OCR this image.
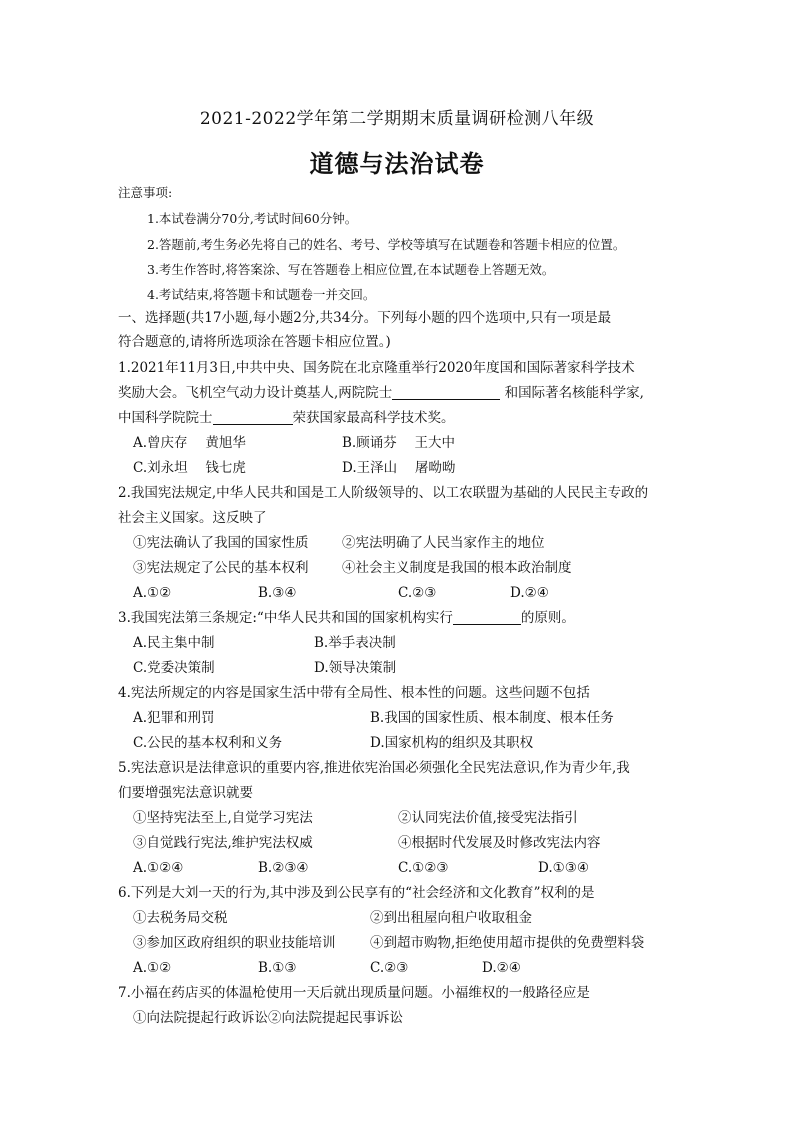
2021-2022学年第二学期期末质量调研检测八年级
道德与法治试卷
注意事项:
1.本试卷满分70分,考试时间60分钟。
2.答题前,考生务必先将自己的姓名、考号、学校等填写在试题卷和答题卡相应的位置。
3.考生作答时,将答案涂、写在答题卷上相应位置,在本试题卷上答题无效。
4.考试结束,将答题卡和试题卷一并交回。
一、选择题(共17小题,每小题2分,共34分。下列每小题的四个选项中,只有一项是最
符合题意的,请将所选项涂在答题卡相应位置。)
1.2021年11月3日,中共中央、国务院在北京隆重举行2020年度国和国际著家科学技术
奖励大会。飞机空气动力设计奠基人,两院院士	和国际著名核能科学家,
中国科学院院士	荣获国家最高科学技术奖。
A.曾庆存　 黄旭华	B.顾诵芬　 王大中
C.刘永坦　 钱七虎	D.王泽山　 屠呦呦
2.我国宪法规定,中华人民共和国是工人阶级领导的、以工农联盟为基础的人民民主专政的
社会主义国家。这反映了
①宪法确认了我国的国家性质 ②宪法明确了人民当家作主的地位
③宪法规定了公民的基本权利 ④社会主义制度是我国的根本政治制度
A.①②	B.③④	C.②③	D.②④
3.我国宪法第三条规定:“中华人民共和国的国家机构实行	的原则。
A.民主集中制	B.举手表决制
C.党委决策制	D.领导决策制
4.宪法所规定的内容是国家生活中带有全局性、根本性的问题。这些问题不包括
A.犯罪和刑罚	B.我国的国家性质、根本制度、根本任务
C.公民的基本权利和义务	D.国家机构的组织及其职权
5.宪法意识是法律意识的重要内容,推进依宪治国必须强化全民宪法意识,作为青少年,我
们要增强宪法意识就要
①坚持宪法至上,自觉学习宪法	②认同宪法价值,接受宪法指引
③自觉践行宪法,维护宪法权威	④根据时代发展及时修改宪法内容
A.①②④	B.②③④	C.①②③	D.①③④
6.下列是大刘一天的行为,其中涉及到公民享有的“社会经济和文化教育”权利的是
①去税务局交税	②到出租屋向租户收取租金
③参加区政府组织的职业技能培训	④到超市购物,拒绝使用超市提供的免费塑料袋
A.①②	B.①③	C.②③	D.②④
7.小福在药店买的体温枪使用一天后就出现质量问题。小福维权的一般路径应是
①向法院提起行政诉讼②向法院提起民事诉讼
